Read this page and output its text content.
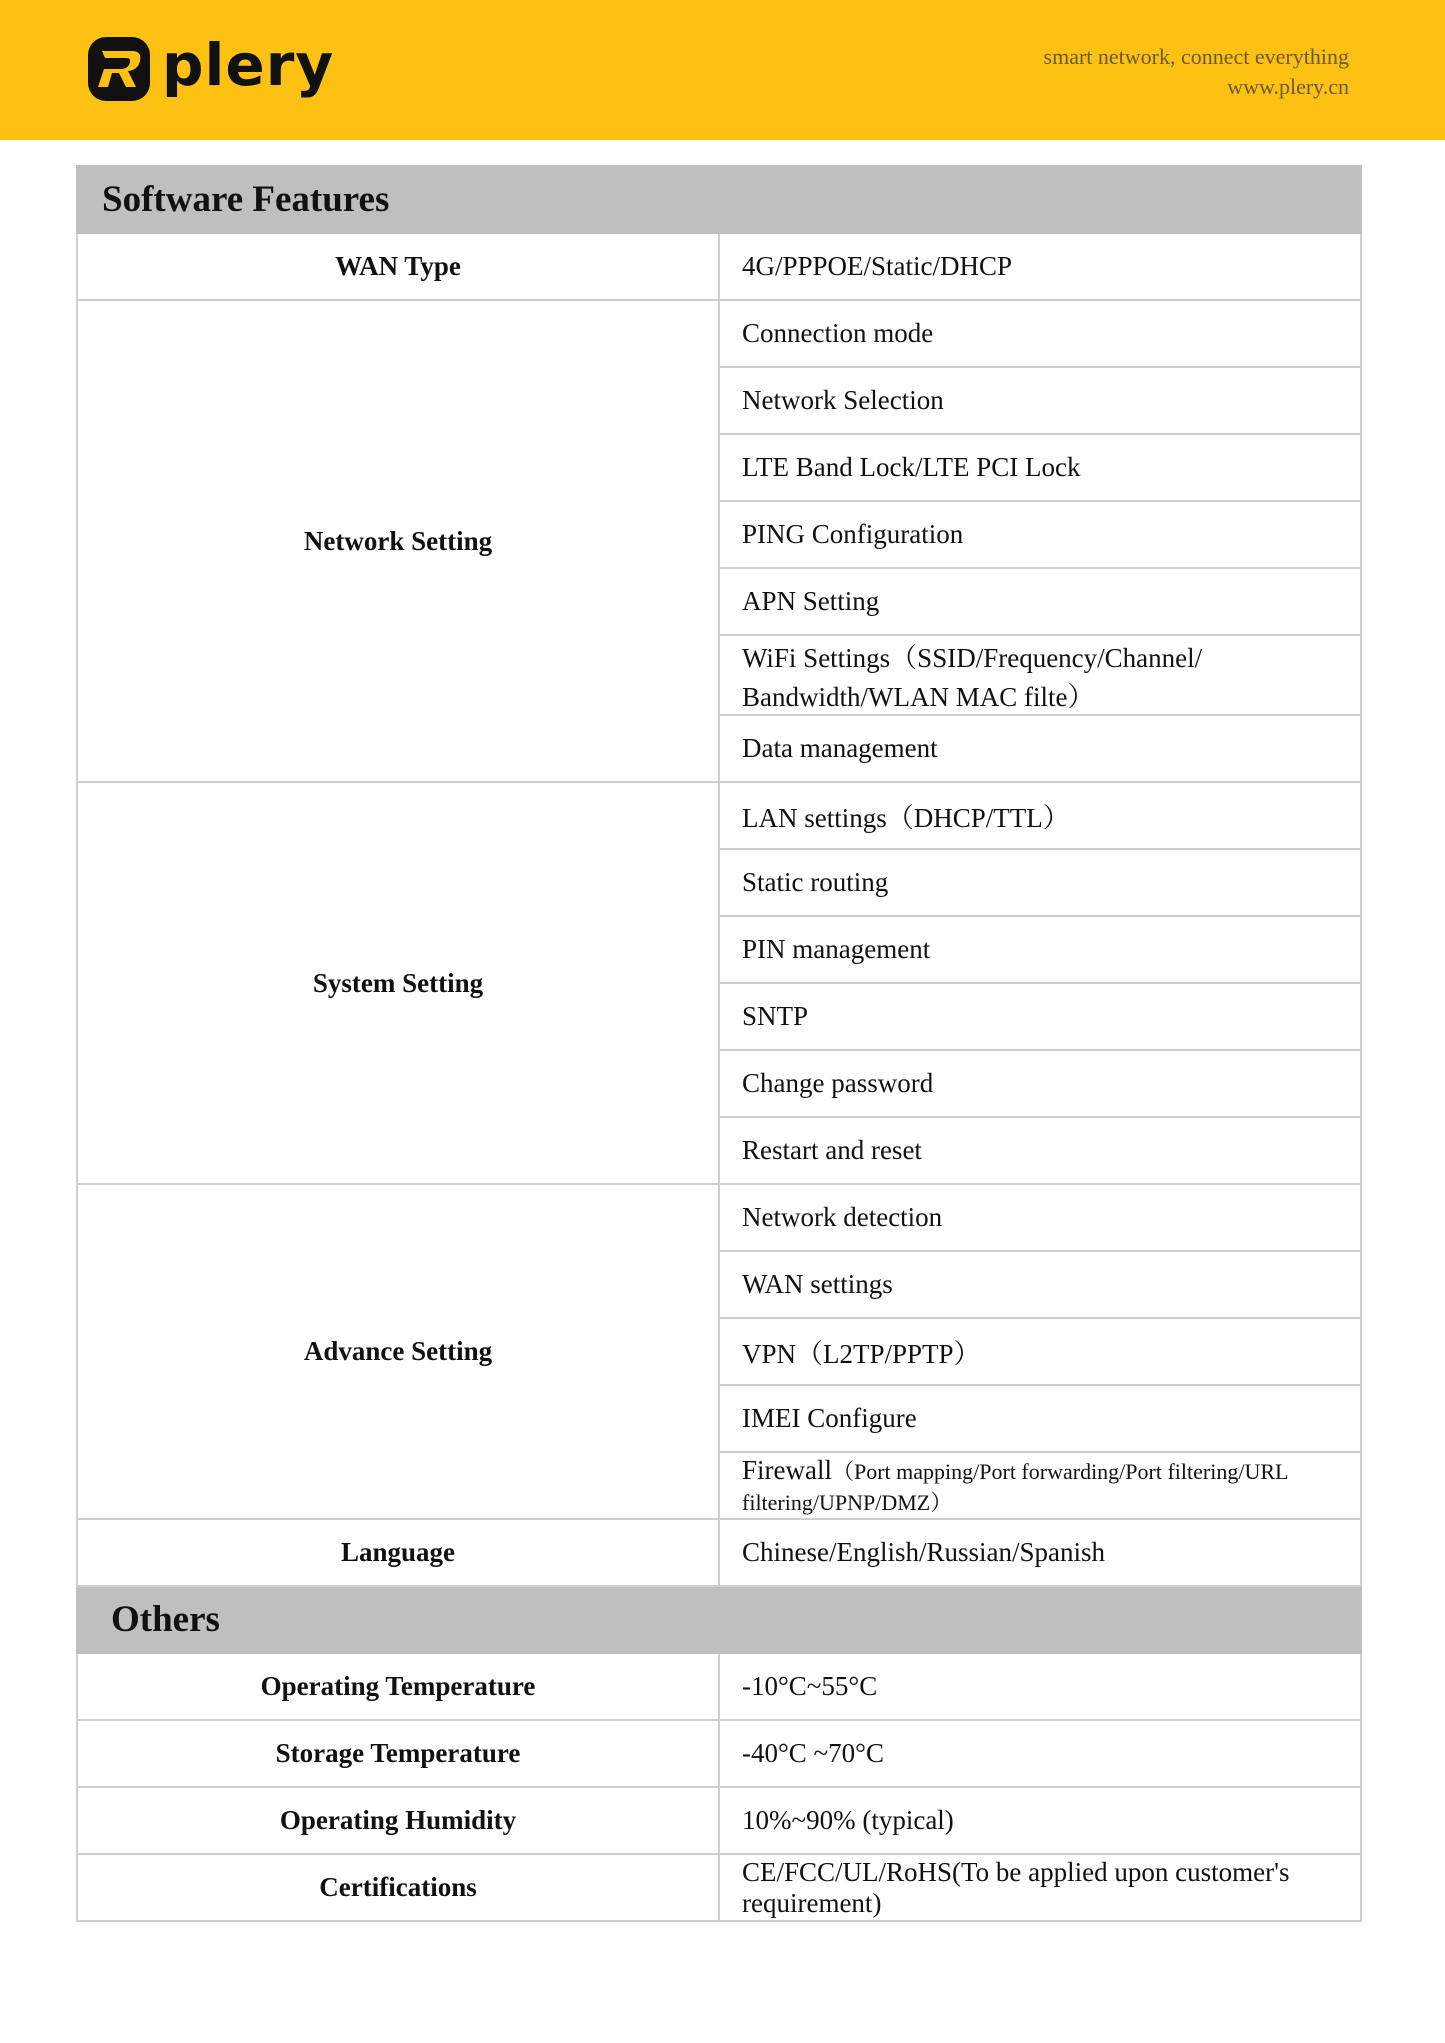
plery	smart network, connect everything
www.plery.cn
Software Features	
WAN Type	4G/PPPOE/Static/DHCP
Network Setting	Connection mode
	Network Selection
	LTE Band Lock/LTE PCI Lock
	PING Configuration
	APN Setting
	WiFi Settings（SSID/Frequency/Channel/ Bandwidth/WLAN MAC filte）
	Data management
System Setting	LAN settings（DHCP/TTL）
	Static routing
	PIN management
	SNTP
	Change password
	Restart and reset
Advance Setting	Network detection
	WAN settings
	VPN（L2TP/PPTP）
	IMEI Configure
	Firewall（Port mapping/Port forwarding/Port filtering/URL filtering/UPNP/DMZ）
Language	Chinese/English/Russian/Spanish
Others	
Operating Temperature	-10°C~55°C
Storage Temperature	-40°C ~70°C
Operating Humidity	10%~90% (typical)
Certifications	CE/FCC/UL/RoHS(To be applied upon customer's requirement)
